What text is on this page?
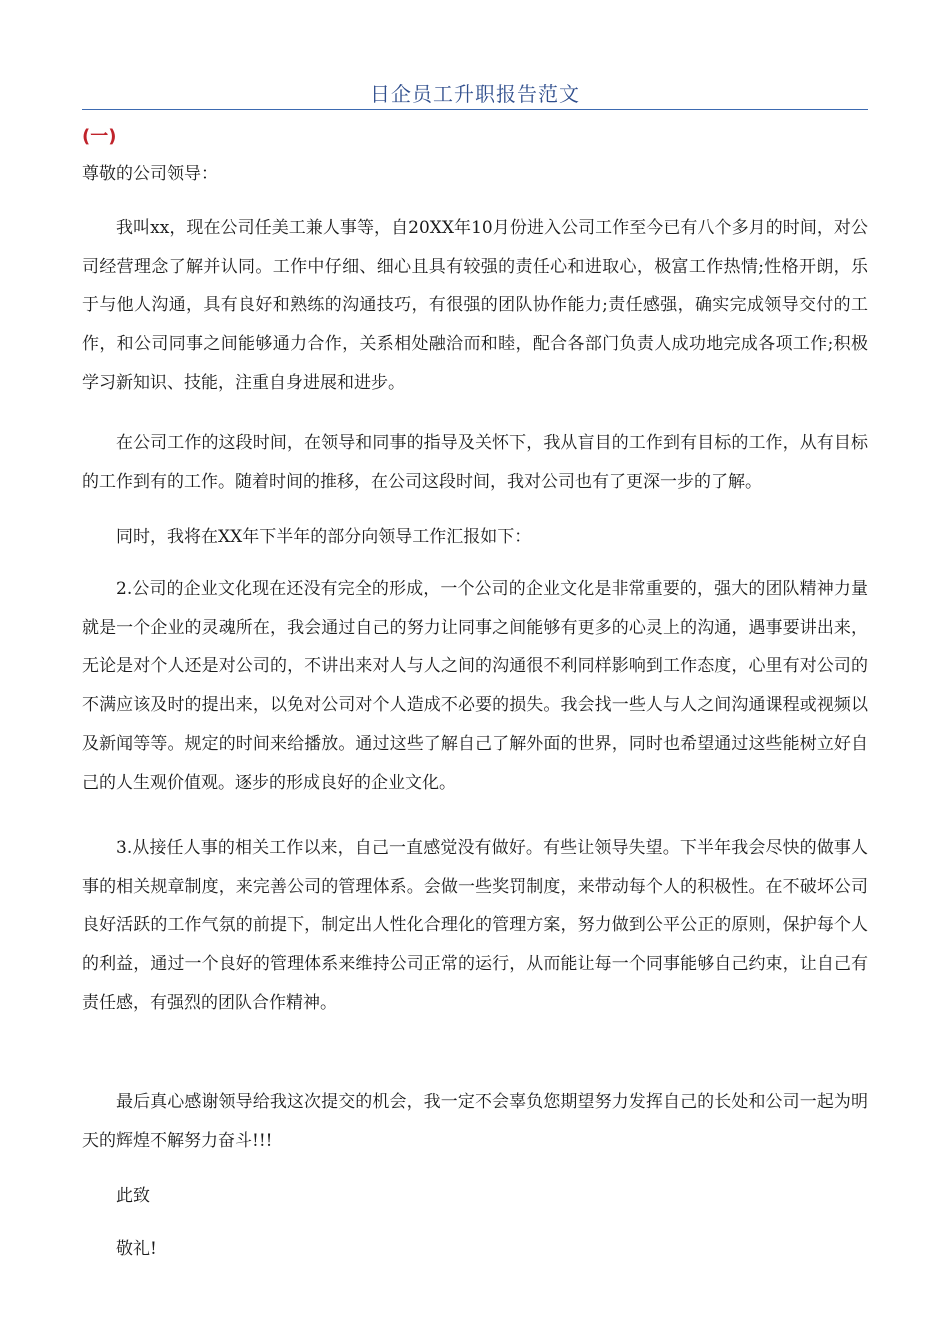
日企员工升职报告范文
(一)

尊敬的公司领导：

我叫xx，现在公司任美工兼人事等，自20XX年10月份进入公司工作至今已有八个多月的时间，对公司经营理念了解并认同。工作中仔细、细心且具有较强的责任心和进取心，极富工作热情;性格开朗，乐于与他人沟通，具有良好和熟练的沟通技巧，有很强的团队协作能力;责任感强，确实完成领导交付的工作，和公司同事之间能够通力合作，关系相处融洽而和睦，配合各部门负责人成功地完成各项工作;积极学习新知识、技能，注重自身进展和进步。

在公司工作的这段时间，在领导和同事的指导及关怀下，我从盲目的工作到有目标的工作，从有目标的工作到有的工作。随着时间的推移，在公司这段时间，我对公司也有了更深一步的了解。

同时，我将在XX年下半年的部分向领导工作汇报如下：

2.公司的企业文化现在还没有完全的形成，一个公司的企业文化是非常重要的，强大的团队精神力量就是一个企业的灵魂所在，我会通过自己的努力让同事之间能够有更多的心灵上的沟通，遇事要讲出来，无论是对个人还是对公司的，不讲出来对人与人之间的沟通很不利同样影响到工作态度，心里有对公司的不满应该及时的提出来，以免对公司对个人造成不必要的损失。我会找一些人与人之间沟通课程或视频以及新闻等等。规定的时间来给播放。通过这些了解自己了解外面的世界，同时也希望通过这些能树立好自己的人生观价值观。逐步的形成良好的企业文化。

3.从接任人事的相关工作以来，自己一直感觉没有做好。有些让领导失望。下半年我会尽快的做事人事的相关规章制度，来完善公司的管理体系。会做一些奖罚制度，来带动每个人的积极性。在不破坏公司良好活跃的工作气氛的前提下，制定出人性化合理化的管理方案，努力做到公平公正的原则，保护每个人的利益，通过一个良好的管理体系来维持公司正常的运行，从而能让每一个同事能够自己约束，让自己有责任感，有强烈的团队合作精神。

最后真心感谢领导给我这次提交的机会，我一定不会辜负您期望努力发挥自己的长处和公司一起为明天的辉煌不解努力奋斗!!!

此致

敬礼!
